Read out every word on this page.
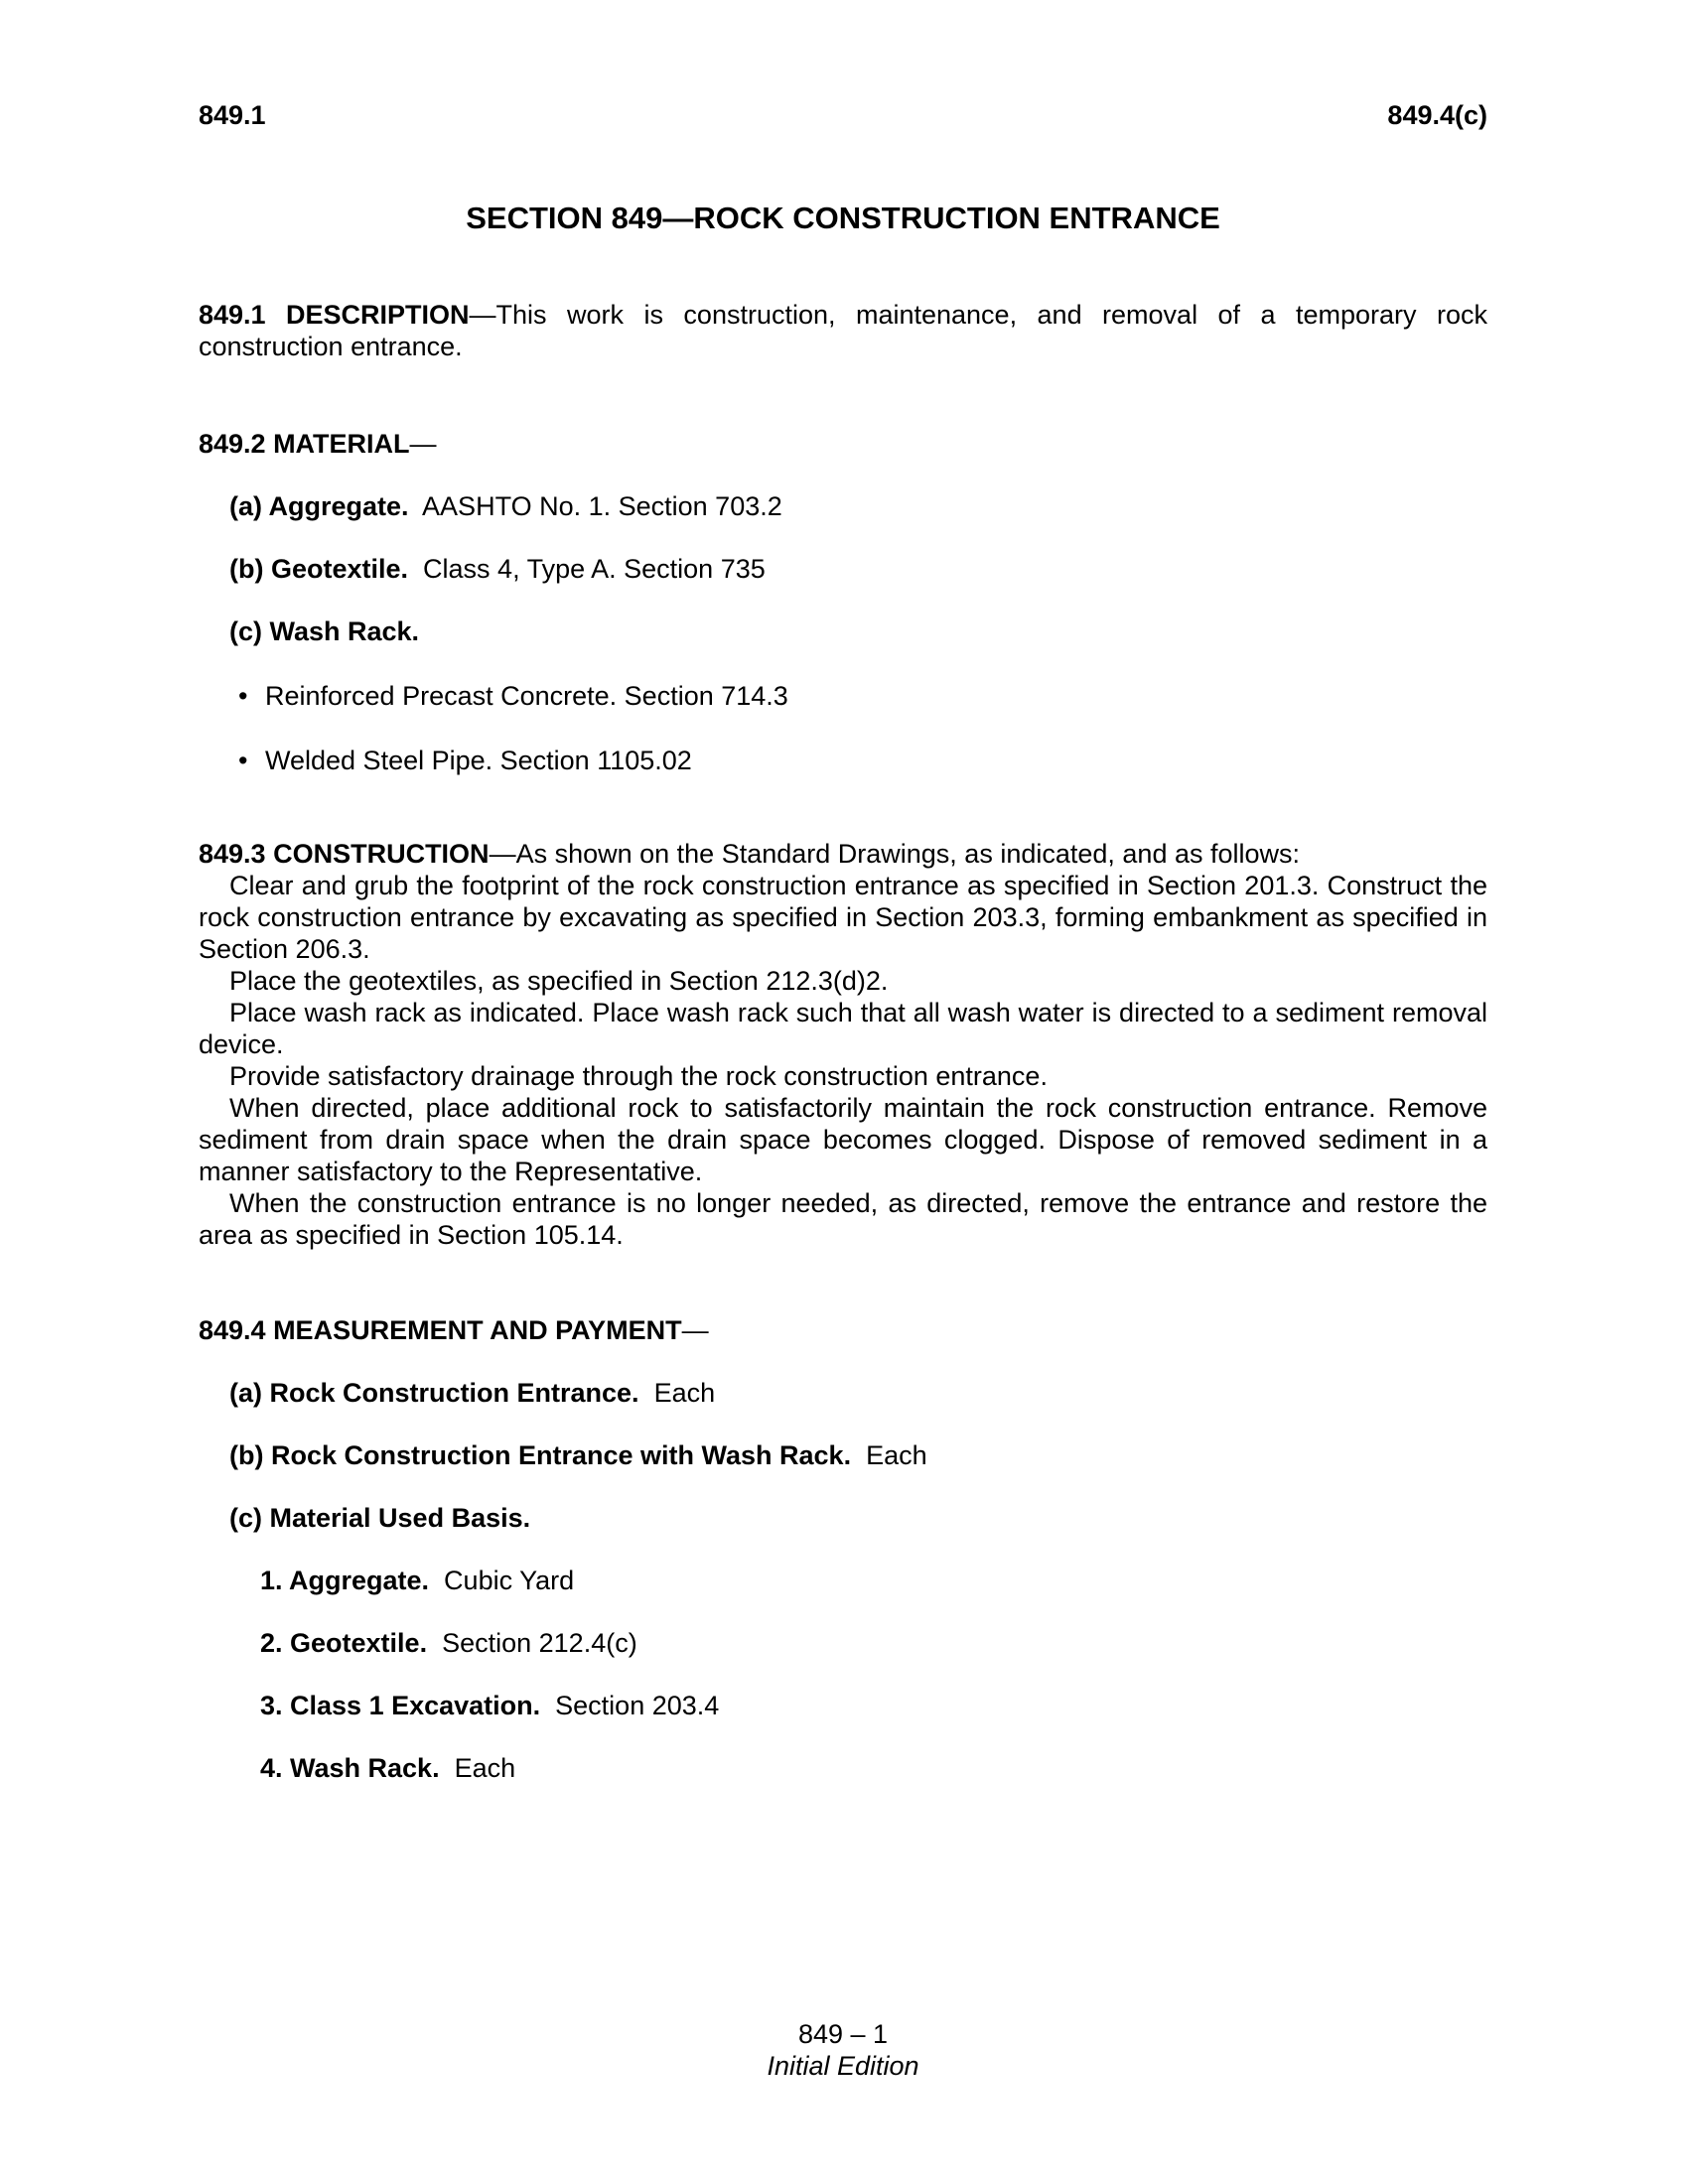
849.1	849.4(c)
SECTION 849—ROCK CONSTRUCTION ENTRANCE
849.1 DESCRIPTION—This work is construction, maintenance, and removal of a temporary rock construction entrance.
849.2 MATERIAL—
(a) Aggregate.  AASHTO No. 1. Section 703.2
(b) Geotextile.  Class 4, Type A. Section 735
(c) Wash Rack.
• Reinforced Precast Concrete. Section 714.3
• Welded Steel Pipe. Section 1105.02

849.3 CONSTRUCTION—As shown on the Standard Drawings, as indicated, and as follows:

Clear and grub the footprint of the rock construction entrance as specified in Section 201.3. Construct the rock construction entrance by excavating as specified in Section 203.3, forming embankment as specified in Section 206.3.

Place the geotextiles, as specified in Section 212.3(d)2.

Place wash rack as indicated. Place wash rack such that all wash water is directed to a sediment removal device.

Provide satisfactory drainage through the rock construction entrance.

When directed, place additional rock to satisfactorily maintain the rock construction entrance. Remove sediment from drain space when the drain space becomes clogged. Dispose of removed sediment in a manner satisfactory to the Representative.

When the construction entrance is no longer needed, as directed, remove the entrance and restore the area as specified in Section 105.14.

849.4 MEASUREMENT AND PAYMENT—
(a) Rock Construction Entrance.  Each
(b) Rock Construction Entrance with Wash Rack.  Each
(c) Material Used Basis.
1. Aggregate.  Cubic Yard
2. Geotextile.  Section 212.4(c)
3. Class 1 Excavation.  Section 203.4
4. Wash Rack.  Each
849 – 1
Initial Edition
